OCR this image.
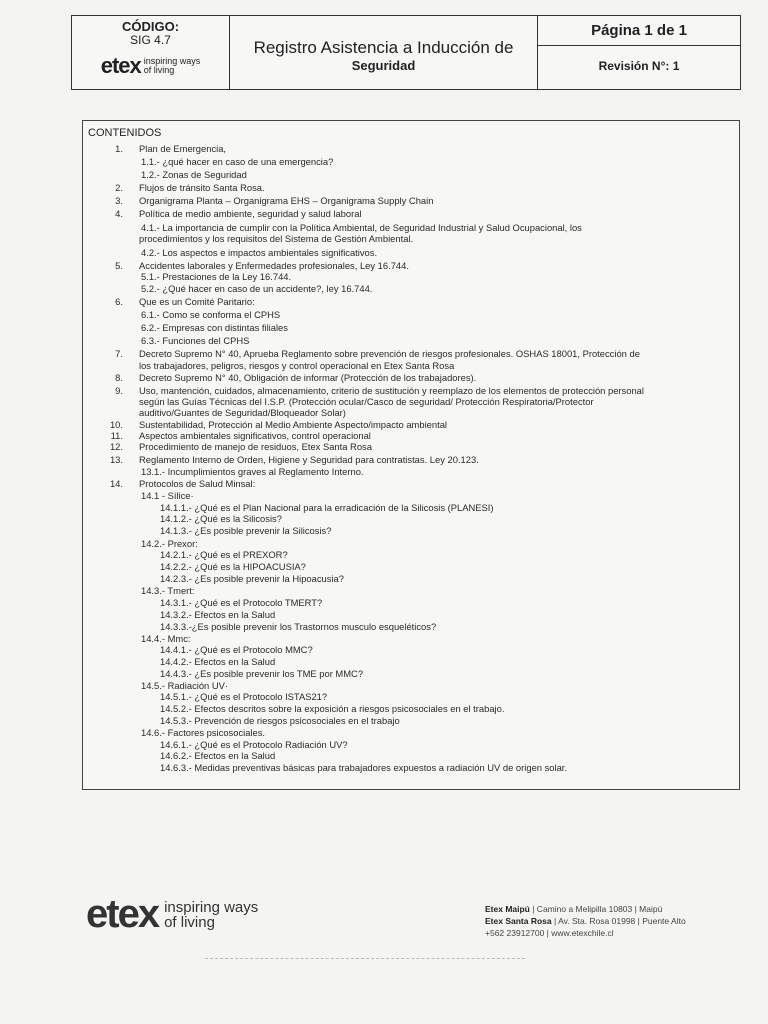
CÓDIGO:
SIG 4.7
etex inspiring ways
of living
Registro Asistencia a Inducción de
Seguridad
Página 1 de 1
Revisión N°: 1
CONTENIDOS
1. Plan de Emergencia,
1.1.- ¿qué hacer en caso de una emergencia?
1.2.- Zonas de Seguridad
2. Flujos de tránsito Santa Rosa.
3. Organigrama Planta – Organigrama EHS – Organigrama Supply Chain
4. Política de medio ambiente, seguridad y salud laboral
4.1.- La importancia de cumplir con la Política Ambiental, de Seguridad Industrial y Salud Ocupacional, los
procedimientos y los requisitos del Sistema de Gestión Ambiental.
4.2.- Los aspectos e impactos ambientales significativos.
5. Accidentes laborales y Enfermedades profesionales, Ley 16.744.
5.1.- Prestaciones de la Ley 16.744.
5.2.- ¿Qué hacer en caso de un accidente?, ley 16.744.
6. Que es un Comité Paritario:
6.1.- Como se conforma el CPHS
6.2.- Empresas con distintas filiales
6.3.- Funciones del CPHS
7. Decreto Supremo N° 40, Aprueba Reglamento sobre prevención de riesgos profesionales. OSHAS 18001, Protección de
los trabajadores, peligros, riesgos y control operacional en Etex Santa Rosa
8. Decreto Supremo N° 40, Obligación de informar (Protección de los trabajadores).
9. Uso, mantención, cuidados, almacenamiento, criterio de sustitución y reemplazo de los elementos de protección personal
según las Guías Técnicas del I.S.P. (Protección ocular/Casco de seguridad/ Protección Respiratoria/Protector
auditivo/Guantes de Seguridad/Bloqueador Solar)
10. Sustentabilidad, Protección al Medio Ambiente Aspecto/impacto ambiental
11. Aspectos ambientales significativos, control operacional
12. Procedimiento de manejo de residuos, Etex Santa Rosa
13. Reglamento Interno de Orden, Higiene y Seguridad para contratistas. Ley 20.123.
13.1.- Incumplimientos graves al Reglamento Interno.
14. Protocolos de Salud Minsal:
14.1 - Sílice·
14.1.1.- ¿Qué es el Plan Nacional para la erradicación de la Silicosis (PLANESI)
14.1.2.- ¿Qué es la Silicosis?
14.1.3.- ¿Es posible prevenir la Silicosis?
14.2.- Prexor:
14.2.1.- ¿Qué es el PREXOR?
14.2.2.- ¿Qué es la HIPOACUSIA?
14.2.3.- ¿Es posible prevenir la Hipoacusia?
14.3.- Tmert:
14.3.1.- ¿Qué es el Protocolo TMERT?
14.3.2.- Efectos en la Salud
14.3.3.-¿Es posible prevenir los Trastornos musculo esqueléticos?
14.4.- Mmc:
14.4.1.- ¿Qué es el Protocolo MMC?
14.4.2.- Efectos en la Salud
14.4.3.- ¿Es posible prevenir los TME por MMC?
14.5.- Radiación UV·
14.5.1.- ¿Qué es el Protocolo ISTAS21?
14.5.2.- Efectos descritos sobre la exposición a riesgos psicosociales en el trabajo.
14.5.3.- Prevención de riesgos psicosociales en el trabajo
14.6.- Factores psicosociales.
14.6.1.- ¿Qué es el Protocolo Radiación UV?
14.6.2.- Efectos en la Salud
14.6.3.- Medidas preventivas básicas para trabajadores expuestos a radiación UV de origen solar.
etex inspiring ways
of living
Etex Maipú | Camino a Melipilla 10803 | Maipú
Etex Santa Rosa | Av. Sta. Rosa 01998 | Puente Alto
+562 23912700 | www.etexchile.cl
